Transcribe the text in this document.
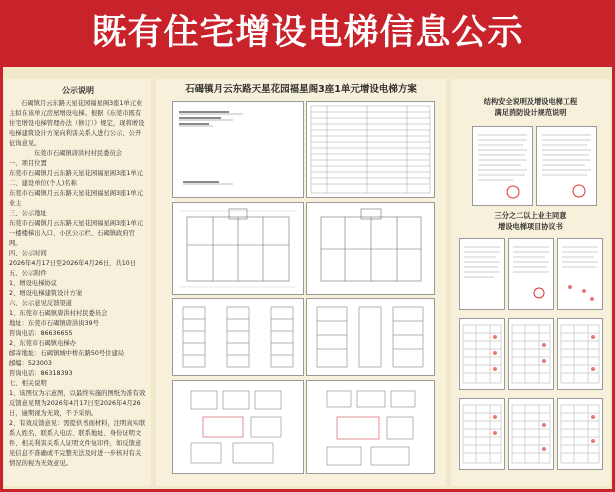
既有住宅增设电梯信息公示
公示说明
石碣镇月云东路天星花园福星阁3座1单元业主拟在该单元房屋增设电梯。根据《东莞市既有住宅增设电梯管理办法（修订）》规定，现将增设电梯建筑设计方案向利害关系人进行公示、公开征询意见。
东莞市石碣镇唐洪村村民委员会
一、项目位置
东莞市石碣镇月云东路天星花园福星阁3座1单元
二、建设单位(个人)名称
东莞市石碣镇月云东路天星花园福星阁3座1单元业主
三、公示地址
东莞市石碣镇月云东路天星花园福星阁3座1单元一楼楼梯出入口、小区公示栏、石碣镇政府官网。
四、公示时间
2026年4月17日至2026年4月26日，共10日
五、公示附件
1、增设电梯协议
2、增设电梯建筑设计方案
六、公示意见反馈渠道
1、东莞市石碣镇唐洪村村民委员会
地址：东莞市石碣镇唐洪街39号
咨询电话：86636655
2、东莞市石碣镇电梯办
邮寄地址：石碣镇城中桥东路50号住建局
邮编：523003
咨询电话：86318393
七、相关说明
1、该图仅为示意图，以最终实施的图纸为准有效反馈意见期为2026年4月17日至2026年4月26日，逾期视为无效，不予采纳。
2、有效反馈意见：需提供书面材料，注明真实联系人姓名、联系人电话、联系地址、身份证明文件、相关利害关系人证明文件复印件，如反馈意见信息不准确或不完整无法及时进一步核对有关情况的视为无效意见。
石碣镇月云东路天星花园福星阁3座1单元增设电梯方案
结构安全说明及增设电梯工程
满足消防设计规范说明
三分之二以上业主同意
增设电梯项目协议书
